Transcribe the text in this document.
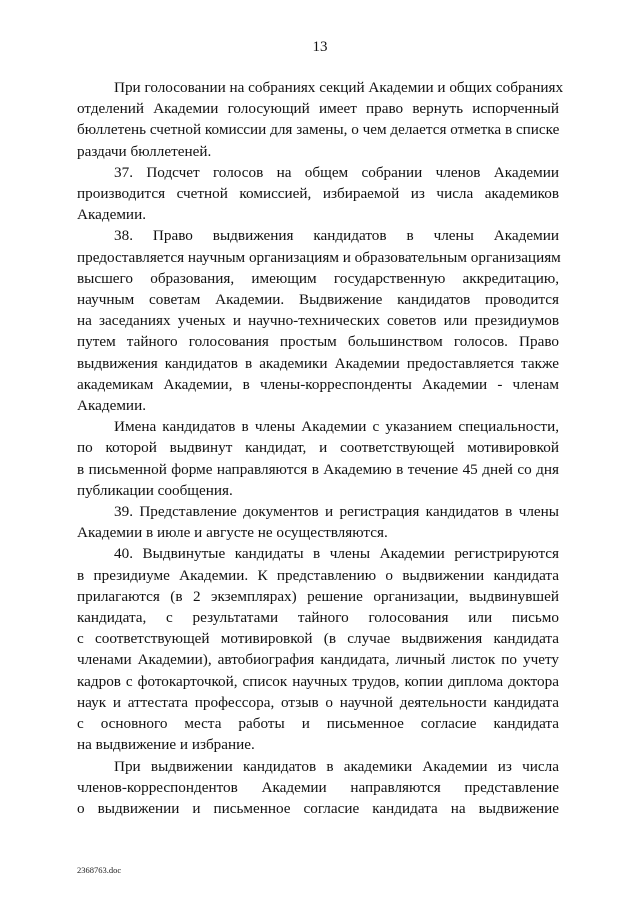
13
При голосовании на собраниях секций Академии и общих собраниях
отделений Академии голосующий имеет право вернуть испорченный
бюллетень счетной комиссии для замены, о чем делается отметка в списке
раздачи бюллетеней.
37. Подсчет голосов на общем собрании членов Академии
производится счетной комиссией, избираемой из числа академиков
Академии.
38. Право выдвижения кандидатов в члены Академии
предоставляется научным организациям и образовательным организациям
высшего образования, имеющим государственную аккредитацию,
научным советам Академии. Выдвижение кандидатов проводится
на заседаниях ученых и научно-технических советов или президиумов
путем тайного голосования простым большинством голосов. Право
выдвижения кандидатов в академики Академии предоставляется также
академикам Академии, в члены-корреспонденты Академии - членам
Академии.
Имена кандидатов в члены Академии с указанием специальности,
по которой выдвинут кандидат, и соответствующей мотивировкой
в письменной форме направляются в Академию в течение 45 дней со дня
публикации сообщения.
39. Представление документов и регистрация кандидатов в члены
Академии в июле и августе не осуществляются.
40. Выдвинутые кандидаты в члены Академии регистрируются
в президиуме Академии. К представлению о выдвижении кандидата
прилагаются (в 2 экземплярах) решение организации, выдвинувшей
кандидата, с результатами тайного голосования или письмо
с соответствующей мотивировкой (в случае выдвижения кандидата
членами Академии), автобиография кандидата, личный листок по учету
кадров с фотокарточкой, список научных трудов, копии диплома доктора
наук и аттестата профессора, отзыв о научной деятельности кандидата
с основного места работы и письменное согласие кандидата
на выдвижение и избрание.
При выдвижении кандидатов в академики Академии из числа
членов-корреспондентов Академии направляются представление
о выдвижении и письменное согласие кандидата на выдвижение
2368763.doc
